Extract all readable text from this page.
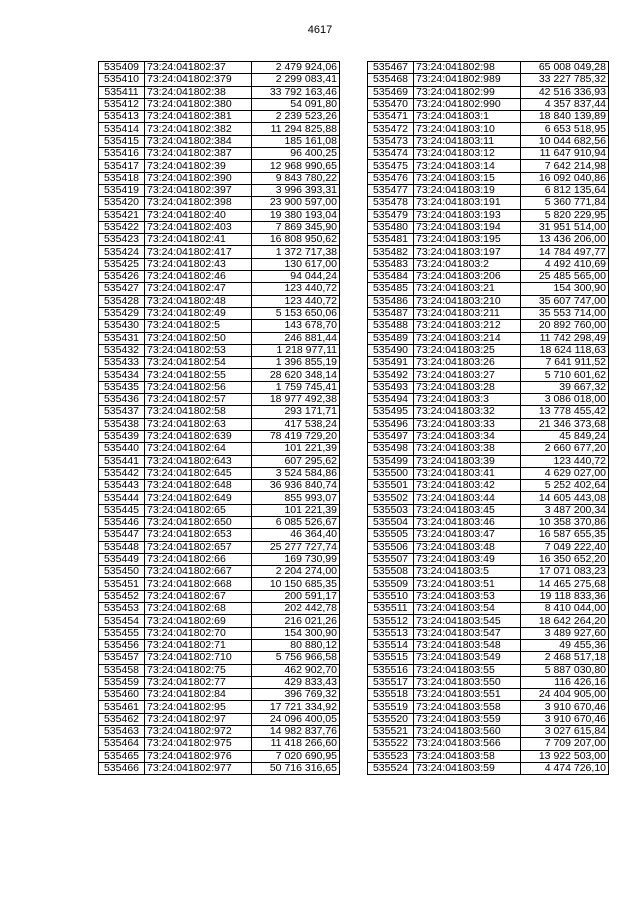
4617
535409	73:24:041802:37	2 479 924,06
535410	73:24:041802:379	2 299 083,41
535411	73:24:041802:38	33 792 163,46
535412	73:24:041802:380	54 091,80
535413	73:24:041802:381	2 239 523,26
535414	73:24:041802:382	11 294 825,88
535415	73:24:041802:384	185 161,08
535416	73:24:041802:387	96 400,25
535417	73:24:041802:39	12 968 990,65
535418	73:24:041802:390	9 843 780,22
535419	73:24:041802:397	3 996 393,31
535420	73:24:041802:398	23 900 597,00
535421	73:24:041802:40	19 380 193,04
535422	73:24:041802:403	7 869 345,90
535423	73:24:041802:41	16 808 950,62
535424	73:24:041802:417	1 372 717,38
535425	73:24:041802:43	130 617,00
535426	73:24:041802:46	94 044,24
535427	73:24:041802:47	123 440,72
535428	73:24:041802:48	123 440,72
535429	73:24:041802:49	5 153 650,06
535430	73:24:041802:5	143 678,70
535431	73:24:041802:50	246 881,44
535432	73:24:041802:53	1 218 977,11
535433	73:24:041802:54	1 396 855,19
535434	73:24:041802:55	28 620 348,14
535435	73:24:041802:56	1 759 745,41
535436	73:24:041802:57	18 977 492,38
535437	73:24:041802:58	293 171,71
535438	73:24:041802:63	417 538,24
535439	73:24:041802:639	78 419 729,20
535440	73:24:041802:64	101 221,39
535441	73:24:041802:643	607 295,62
535442	73:24:041802:645	3 524 584,86
535443	73:24:041802:648	36 936 840,74
535444	73:24:041802:649	855 993,07
535445	73:24:041802:65	101 221,39
535446	73:24:041802:650	6 085 526,67
535447	73:24:041802:653	46 364,40
535448	73:24:041802:657	25 277 727,74
535449	73:24:041802:66	169 730,99
535450	73:24:041802:667	2 204 274,00
535451	73:24:041802:668	10 150 685,35
535452	73:24:041802:67	200 591,17
535453	73:24:041802:68	202 442,78
535454	73:24:041802:69	216 021,26
535455	73:24:041802:70	154 300,90
535456	73:24:041802:71	80 880,12
535457	73:24:041802:710	5 756 966,58
535458	73:24:041802:75	462 902,70
535459	73:24:041802:77	429 833,43
535460	73:24:041802:84	396 769,32
535461	73:24:041802:95	17 721 334,92
535462	73:24:041802:97	24 096 400,05
535463	73:24:041802:972	14 982 837,76
535464	73:24:041802:975	11 418 266,60
535465	73:24:041802:976	7 020 690,95
535466	73:24:041802:977	50 716 316,65
535467	73:24:041802:98	65 008 049,28
535468	73:24:041802:989	33 227 785,32
535469	73:24:041802:99	42 516 336,93
535470	73:24:041802:990	4 357 837,44
535471	73:24:041803:1	18 840 139,89
535472	73:24:041803:10	6 653 518,95
535473	73:24:041803:11	10 044 682,56
535474	73:24:041803:12	11 647 910,94
535475	73:24:041803:14	7 642 214,98
535476	73:24:041803:15	16 092 040,86
535477	73:24:041803:19	6 812 135,64
535478	73:24:041803:191	5 360 771,84
535479	73:24:041803:193	5 820 229,95
535480	73:24:041803:194	31 951 514,00
535481	73:24:041803:195	13 436 206,00
535482	73:24:041803:197	14 784 497,77
535483	73:24:041803:2	4 492 410,69
535484	73:24:041803:206	25 485 565,00
535485	73:24:041803:21	154 300,90
535486	73:24:041803:210	35 607 747,00
535487	73:24:041803:211	35 553 714,00
535488	73:24:041803:212	20 892 760,00
535489	73:24:041803:214	11 742 298,49
535490	73:24:041803:25	18 624 118,63
535491	73:24:041803:26	7 641 911,52
535492	73:24:041803:27	5 710 601,62
535493	73:24:041803:28	39 667,32
535494	73:24:041803:3	3 086 018,00
535495	73:24:041803:32	13 778 455,42
535496	73:24:041803:33	21 346 373,68
535497	73:24:041803:34	45 849,24
535498	73:24:041803:38	2 660 677,20
535499	73:24:041803:39	123 440,72
535500	73:24:041803:41	4 629 027,00
535501	73:24:041803:42	5 252 402,64
535502	73:24:041803:44	14 605 443,08
535503	73:24:041803:45	3 487 200,34
535504	73:24:041803:46	10 358 370,86
535505	73:24:041803:47	16 587 655,35
535506	73:24:041803:48	7 049 222,40
535507	73:24:041803:49	16 350 652,20
535508	73:24:041803:5	17 071 083,23
535509	73:24:041803:51	14 465 275,68
535510	73:24:041803:53	19 118 833,36
535511	73:24:041803:54	8 410 044,00
535512	73:24:041803:545	18 642 264,20
535513	73:24:041803:547	3 489 927,60
535514	73:24:041803:548	49 455,36
535515	73:24:041803:549	2 468 517,18
535516	73:24:041803:55	5 887 030,80
535517	73:24:041803:550	116 426,16
535518	73:24:041803:551	24 404 905,00
535519	73:24:041803:558	3 910 670,46
535520	73:24:041803:559	3 910 670,46
535521	73:24:041803:560	3 027 615,84
535522	73:24:041803:566	7 709 207,00
535523	73:24:041803:58	13 922 503,00
535524	73:24:041803:59	4 474 726,10
